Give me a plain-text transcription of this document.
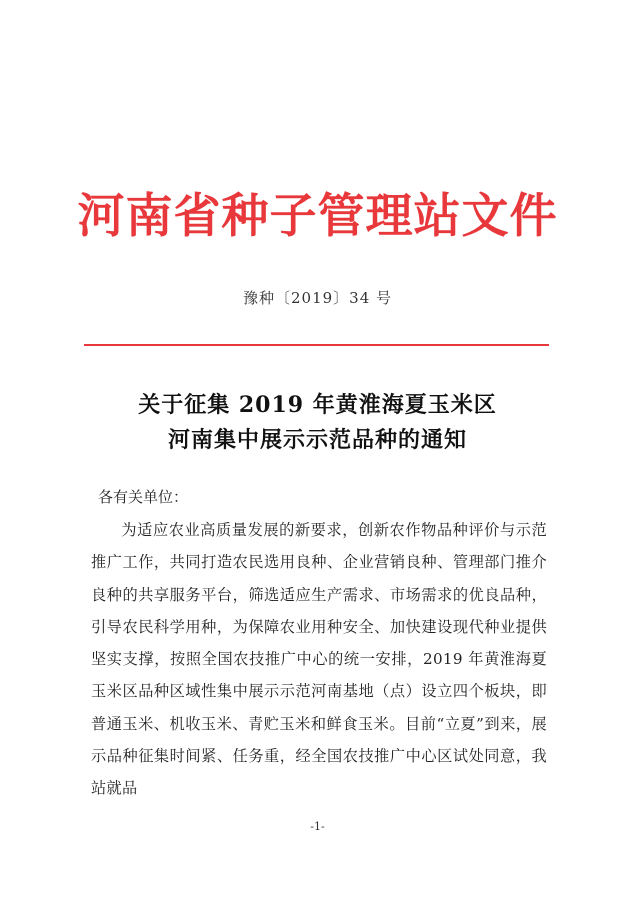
河南省种子管理站文件
豫种〔2019〕34 号
关于征集 2019 年黄淮海夏玉米区
河南集中展示示范品种的通知
各有关单位：
为适应农业高质量发展的新要求，创新农作物品种评价与示范推广工作，共同打造农民选用良种、企业营销良种、管理部门推介良种的共享服务平台，筛选适应生产需求、市场需求的优良品种，引导农民科学用种，为保障农业用种安全、加快建设现代种业提供坚实支撑，按照全国农技推广中心的统一安排，2019 年黄淮海夏玉米区品种区域性集中展示示范河南基地（点）设立四个板块，即普通玉米、机收玉米、青贮玉米和鲜食玉米。目前“立夏”到来，展示品种征集时间紧、任务重，经全国农技推广中心区试处同意，我站就品
-1-
